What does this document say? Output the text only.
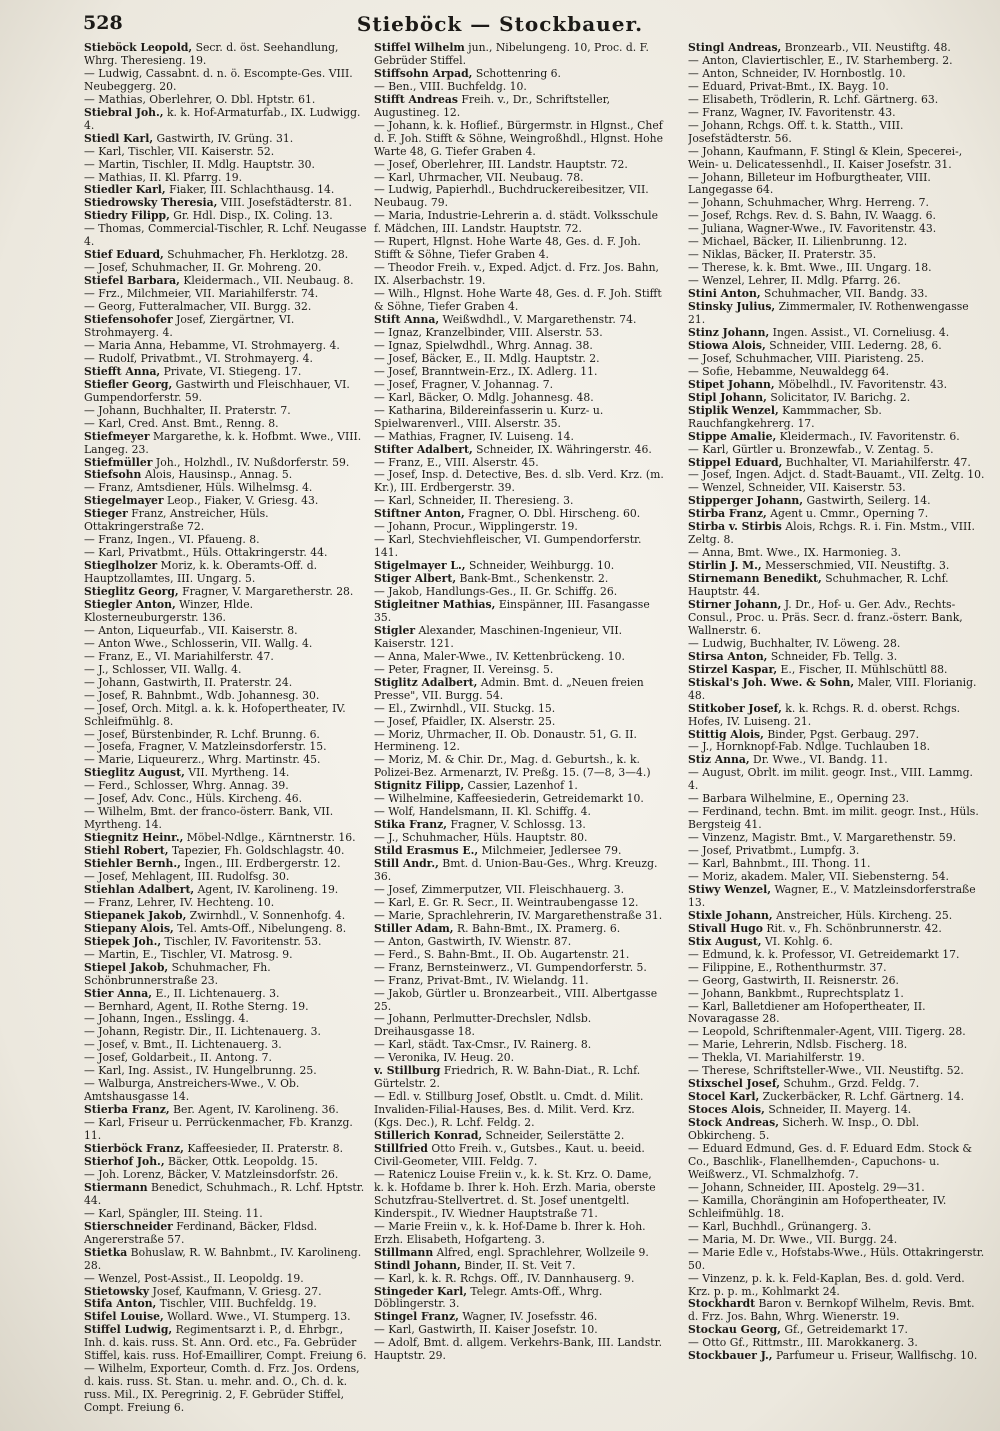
528	Stieböck — Stockbauer.
Stieböck Leopold, Secr. d. öst. Seehandlung, Whrg. Theresieng. 19.
— Ludwig, Cassabnt. d. n. ö. Escompte-Ges. VIII. Neubeggerg. 20.
— Mathias, Oberlehrer, O. Dbl. Hptstr. 61.
Stiebral Joh., k. k. Hof-Armaturfab., IX. Ludwigg. 4.
Stiedl Karl, Gastwirth, IV. Grüng. 31.
— Karl, Tischler, VII. Kaiserstr. 52.
— Martin, Tischler, II. Mdlg. Hauptstr. 30.
— Mathias, II. Kl. Pfarrg. 19.
Stiedler Karl, Fiaker, III. Schlachthausg. 14.
Stiedrowsky Theresia, VIII. Josefstädterstr. 81.
Stiedry Filipp, Gr. Hdl. Disp., IX. Coling. 13.
— Thomas, Commercial-Tischler, R. Lchf. Neugasse 4.
Stief Eduard, Schuhmacher, Fh. Herklotzg. 28.
— Josef, Schuhmacher, II. Gr. Mohreng. 20.
Stiefel Barbara, Kleidermach., VII. Neubaug. 8.
— Frz., Milchmeier, VII. Mariahilferstr. 74.
— Georg, Futteralmacher, VII. Burgg. 32.
Stiefensohofer Josef, Ziergärtner, VI. Strohmayerg. 4.
— Maria Anna, Hebamme, VI. Strohmayerg. 4.
— Rudolf, Privatbmt., VI. Strohmayerg. 4.
Stiefft Anna, Private, VI. Stiegeng. 17.
Stiefler Georg, Gastwirth und Fleischhauer, VI. Gumpendorferstr. 59.
— Johann, Buchhalter, II. Praterstr. 7.
— Karl, Cred. Anst. Bmt., Renng. 8.
Stiefmeyer Margarethe, k. k. Hofbmt. Wwe., VIII. Langeg. 23.
Stiefmüller Joh., Holzhdl., IV. Nußdorferstr. 59.
Stiefsohn Alois, Hausinsp., Annag. 5.
— Franz, Amtsdiener, Hüls. Wilhelmsg. 4.
Stiegelmayer Leop., Fiaker, V. Griesg. 43.
Stieger Franz, Anstreicher, Hüls. Ottakringerstraße 72.
— Franz, Ingen., VI. Pfaueng. 8.
— Karl, Privatbmt., Hüls. Ottakringerstr. 44.
Stieglholzer Moriz, k. k. Oberamts-Off. d. Hauptzollamtes, III. Ungarg. 5.
Stieglitz Georg, Fragner, V. Margaretherstr. 28.
Stiegler Anton, Winzer, Hlde. Klosterneuburgerstr. 136.
— Anton, Liqueurfab., VII. Kaiserstr. 8.
— Anton Wwe., Schlosserin, VII. Wallg. 4.
— Franz, E., VI. Mariahilferstr. 47.
— J., Schlosser, VII. Wallg. 4.
— Johann, Gastwirth, II. Praterstr. 24.
— Josef, R. Bahnbmt., Wdb. Johannesg. 30.
— Josef, Orch. Mitgl. a. k. k. Hofopertheater, IV. Schleifmühlg. 8.
— Josef, Bürstenbinder, R. Lchf. Brunng. 6.
— Josefa, Fragner, V. Matzleinsdorferstr. 15.
— Marie, Liqueurerz., Whrg. Martinstr. 45.
Stieglitz August, VII. Myrtheng. 14.
— Ferd., Schlosser, Whrg. Annag. 39.
— Josef, Adv. Conc., Hüls. Kircheng. 46.
— Wilhelm, Bmt. der franco-österr. Bank, VII. Myrtheng. 14.
Stiegnitz Heinr., Möbel-Ndlge., Kärntnerstr. 16.
Stiehl Robert, Tapezier, Fh. Goldschlagstr. 40.
Stiehler Bernh., Ingen., III. Erdbergerstr. 12.
— Josef, Mehlagent, III. Rudolfsg. 30.
Stiehlan Adalbert, Agent, IV. Karolineng. 19.
— Franz, Lehrer, IV. Hechteng. 10.
Stiepanek Jakob, Zwirnhdl., V. Sonnenhofg. 4.
Stiepany Alois, Tel. Amts-Off., Nibelungeng. 8.
Stiepek Joh., Tischler, IV. Favoritenstr. 53.
— Martin, E., Tischler, VI. Matrosg. 9.
Stiepel Jakob, Schuhmacher, Fh. Schönbrunnerstraße 23.
Stier Anna, E., II. Lichtenauerg. 3.
— Bernhard, Agent, II. Rothe Sterng. 19.
— Johann, Ingen., Esslingg. 4.
— Johann, Registr. Dir., II. Lichtenauerg. 3.
— Josef, v. Bmt., II. Lichtenauerg. 3.
— Josef, Goldarbeit., II. Antong. 7.
— Karl, Ing. Assist., IV. Hungelbrunng. 25.
— Walburga, Anstreichers-Wwe., V. Ob. Amtshausgasse 14.
Stierba Franz, Ber. Agent, IV. Karolineng. 36.
— Karl, Friseur u. Perrückenmacher, Fb. Kranzg. 11.
Stierböck Franz, Kaffeesieder, II. Praterstr. 8.
Stierhof Joh., Bäcker, Ottk. Leopoldg. 15.
— Joh. Lorenz, Bäcker, V. Matzleinsdorfstr. 26.
Stiermann Benedict, Schuhmach., R. Lchf. Hptstr. 44.
— Karl, Spängler, III. Steing. 11.
Stierschneider Ferdinand, Bäcker, Fldsd. Angererstraße 57.
Stietka Bohuslaw, R. W. Bahnbmt., IV. Karolineng. 28.
— Wenzel, Post-Assist., II. Leopoldg. 19.
Stietowsky Josef, Kaufmann, V. Griesg. 27.
Stifa Anton, Tischler, VIII. Buchfeldg. 19.
Stifel Louise, Wollard. Wwe., VI. Stumperg. 13.
Stiffel Ludwig, Regimentsarzt i. P., d. Ehrbgr., Inh. d. kais. russ. St. Ann. Ord. etc., Fa. Gebrüder Stiffel, kais. russ. Hof-Emaillirer, Compt. Freiung 6.
— Wilhelm, Exporteur, Comth. d. Frz. Jos. Ordens, d. kais. russ. St. Stan. u. mehr. and. O., Ch. d. k. russ. Mil., IX. Peregrinig. 2, F. Gebrüder Stiffel, Compt. Freiung 6.
Stiffel Wilhelm jun., Nibelungeng. 10, Proc. d. F. Gebrüder Stiffel.
Stiffsohn Arpad, Schottenring 6.
— Ben., VIII. Buchfeldg. 10.
Stifft Andreas Freih. v., Dr., Schriftsteller, Augustineg. 12.
— Johann, k. k. Hoflief., Bürgermstr. in Hlgnst., Chef d. F. Joh. Stifft & Söhne, Weingroßhdl., Hlgnst. Hohe Warte 48, G. Tiefer Graben 4.
— Josef, Oberlehrer, III. Landstr. Hauptstr. 72.
— Karl, Uhrmacher, VII. Neubaug. 78.
— Ludwig, Papierhdl., Buchdruckereibesitzer, VII. Neubaug. 79.
— Maria, Industrie-Lehrerin a. d. städt. Volksschule f. Mädchen, III. Landstr. Hauptstr. 72.
— Rupert, Hlgnst. Hohe Warte 48, Ges. d. F. Joh. Stifft & Söhne, Tiefer Graben 4.
— Theodor Freih. v., Exped. Adjct. d. Frz. Jos. Bahn, IX. Alserbachstr. 19.
— Wilh., Hlgnst. Hohe Warte 48, Ges. d. F. Joh. Stifft & Söhne, Tiefer Graben 4.
Stift Anna, Weißwdhdl., V. Margarethenstr. 74.
— Ignaz, Kranzelbinder, VIII. Alserstr. 53.
— Ignaz, Spielwdhdl., Whrg. Annag. 38.
— Josef, Bäcker, E., II. Mdlg. Hauptstr. 2.
— Josef, Branntwein-Erz., IX. Adlerg. 11.
— Josef, Fragner, V. Johannag. 7.
— Karl, Bäcker, O. Mdlg. Johannesg. 48.
— Katharina, Bildereinfasserin u. Kurz- u. Spielwarenverl., VIII. Alserstr. 35.
— Mathias, Fragner, IV. Luiseng. 14.
Stifter Adalbert, Schneider, IX. Währingerstr. 46.
— Franz, E., VIII. Alserstr. 45.
— Josef, Insp. d. Detective, Bes. d. slb. Verd. Krz. (m. Kr.), III. Erdbergerstr. 39.
— Karl, Schneider, II. Theresieng. 3.
Stiftner Anton, Fragner, O. Dbl. Hirscheng. 60.
— Johann, Procur., Wipplingerstr. 19.
— Karl, Stechviehfleischer, VI. Gumpendorferstr. 141.
Stigelmayer L., Schneider, Weihburgg. 10.
Stiger Albert, Bank-Bmt., Schenkenstr. 2.
— Jakob, Handlungs-Ges., II. Gr. Schiffg. 26.
Stigleitner Mathias, Einspänner, III. Fasangasse 35.
Stigler Alexander, Maschinen-Ingenieur, VII. Kaiserstr. 121.
— Anna, Maler-Wwe., IV. Kettenbrückeng. 10.
— Peter, Fragner, II. Vereinsg. 5.
Stiglitz Adalbert, Admin. Bmt. d. „Neuen freien Presse", VII. Burgg. 54.
— El., Zwirnhdl., VII. Stuckg. 15.
— Josef, Pfaidler, IX. Alserstr. 25.
— Moriz, Uhrmacher, II. Ob. Donaustr. 51, G. II. Hermineng. 12.
— Moriz, M. & Chir. Dr., Mag. d. Geburtsh., k. k. Polizei-Bez. Armenarzt, IV. Preßg. 15. (7—8, 3—4.)
Stignitz Filipp, Cassier, Lazenhof 1.
— Wilhelmine, Kaffeesiederin, Getreidemarkt 10.
— Wolf, Handelsmann, II. Kl. Schiffg. 4.
Stika Franz, Fragner, V. Schlossg. 13.
— J., Schuhmacher, Hüls. Hauptstr. 80.
Stild Erasmus E., Milchmeier, Jedlersee 79.
Still Andr., Bmt. d. Union-Bau-Ges., Whrg. Kreuzg. 36.
— Josef, Zimmerputzer, VII. Fleischhauerg. 3.
— Karl, E. Gr. R. Secr., II. Weintraubengasse 12.
— Marie, Sprachlehrerin, IV. Margarethenstraße 31.
Stiller Adam, R. Bahn-Bmt., IX. Pramerg. 6.
— Anton, Gastwirth, IV. Wienstr. 87.
— Ferd., S. Bahn-Bmt., II. Ob. Augartenstr. 21.
— Franz, Bernsteinwerz., VI. Gumpendorferstr. 5.
— Franz, Privat-Bmt., IV. Wielandg. 11.
— Jakob, Gürtler u. Bronzearbeit., VIII. Albertgasse 25.
— Johann, Perlmutter-Drechsler, Ndlsb. Dreihausgasse 18.
— Karl, städt. Tax-Cmsr., IV. Rainerg. 8.
— Veronika, IV. Heug. 20.
v. Stillburg Friedrich, R. W. Bahn-Diat., R. Lchf. Gürtelstr. 2.
— Edl. v. Stillburg Josef, Obstlt. u. Cmdt. d. Milit. Invaliden-Filial-Hauses, Bes. d. Milit. Verd. Krz. (Kgs. Dec.), R. Lchf. Feldg. 2.
Stillerich Konrad, Schneider, Seilerstätte 2.
Stillfried Otto Freih. v., Gutsbes., Kaut. u. beeid. Civil-Geometer, VIII. Feldg. 7.
— Ratenicz Louise Freiin v., k. k. St. Krz. O. Dame, k. k. Hofdame b. Ihrer k. Hoh. Erzh. Maria, oberste Schutzfrau-Stellvertret. d. St. Josef unentgeltl. Kinderspit., IV. Wiedner Hauptstraße 71.
— Marie Freiin v., k. k. Hof-Dame b. Ihrer k. Hoh. Erzh. Elisabeth, Hofgarteng. 3.
Stillmann Alfred, engl. Sprachlehrer, Wollzeile 9.
Stindl Johann, Binder, II. St. Veit 7.
— Karl, k. k. R. Rchgs. Off., IV. Dannhauserg. 9.
Stingeder Karl, Telegr. Amts-Off., Whrg. Döblingerstr. 3.
Stingel Franz, Wagner, IV. Josefsstr. 46.
— Karl, Gastwirth, II. Kaiser Josefstr. 10.
— Adolf, Bmt. d. allgem. Verkehrs-Bank, III. Landstr. Hauptstr. 29.
Stingl Andreas, Bronzearb., VII. Neustiftg. 48.
— Anton, Claviertischler, E., IV. Starhemberg. 2.
— Anton, Schneider, IV. Hornbostlg. 10.
— Eduard, Privat-Bmt., IX. Bayg. 10.
— Elisabeth, Trödlerin, R. Lchf. Gärtnerg. 63.
— Franz, Wagner, IV. Favoritenstr. 43.
— Johann, Rchgs. Off. t. k. Statth., VIII. Josefstädterstr. 56.
— Johann, Kaufmann, F. Stingl & Klein, Specerei-, Wein- u. Delicatessenhdl., II. Kaiser Josefstr. 31.
— Johann, Billeteur im Hofburgtheater, VIII. Langegasse 64.
— Johann, Schuhmacher, Whrg. Herreng. 7.
— Josef, Rchgs. Rev. d. S. Bahn, IV. Waagg. 6.
— Juliana, Wagner-Wwe., IV. Favoritenstr. 43.
— Michael, Bäcker, II. Lilienbrunng. 12.
— Niklas, Bäcker, II. Praterstr. 35.
— Therese, k. k. Bmt. Wwe., III. Ungarg. 18.
— Wenzel, Lehrer, II. Mdlg. Pfarrg. 26.
Stini Anton, Schuhmacher, VII. Bandg. 33.
Stinsky Julius, Zimmermaler, IV. Rothenwengasse 21.
Stinz Johann, Ingen. Assist., VI. Corneliusg. 4.
Stiowa Alois, Schneider, VIII. Lederng. 28, 6.
— Josef, Schuhmacher, VIII. Piaristeng. 25.
— Sofie, Hebamme, Neuwaldegg 64.
Stipet Johann, Möbelhdl., IV. Favoritenstr. 43.
Stipl Johann, Solicitator, IV. Barichg. 2.
Stiplik Wenzel, Kammmacher, Sb. Rauchfangkehrerg. 17.
Stippe Amalie, Kleidermach., IV. Favoritenstr. 6.
— Karl, Gürtler u. Bronzewfab., V. Zentag. 5.
Stippel Eduard, Buchhalter, VI. Mariahilferstr. 47.
— Josef, Ingen. Adjct. d. Stadt-Bauamt., VII. Zeltg. 10.
— Wenzel, Schneider, VII. Kaiserstr. 53.
Stipperger Johann, Gastwirth, Seilerg. 14.
Stirba Franz, Agent u. Cmmr., Operning 7.
Stirba v. Stirbis Alois, Rchgs. R. i. Fin. Mstm., VIII. Zeltg. 8.
— Anna, Bmt. Wwe., IX. Harmonieg. 3.
Stirlin J. M., Messerschmied, VII. Neustiftg. 3.
Stirnemann Benedikt, Schuhmacher, R. Lchf. Hauptstr. 44.
Stirner Johann, J. Dr., Hof- u. Ger. Adv., Rechts-Consul., Proc. u. Präs. Secr. d. franz.-österr. Bank, Wallnerstr. 6.
— Ludwig, Buchhalter, IV. Löweng. 28.
Stirsa Anton, Schneider, Fb. Tellg. 3.
Stirzel Kaspar, E., Fischer, II. Mühlschüttl 88.
Stiskal's Joh. Wwe. & Sohn, Maler, VIII. Florianig. 48.
Stitkober Josef, k. k. Rchgs. R. d. oberst. Rchgs. Hofes, IV. Luiseng. 21.
Stittig Alois, Binder, Pgst. Gerbaug. 297.
— J., Hornknopf-Fab. Ndlge. Tuchlauben 18.
Stiz Anna, Dr. Wwe., VI. Bandg. 11.
— August, Obrlt. im milit. geogr. Inst., VIII. Lammg. 4.
— Barbara Wilhelmine, E., Operning 23.
— Ferdinand, techn. Bmt. im milit. geogr. Inst., Hüls. Bergsteig 41.
— Vinzenz, Magistr. Bmt., V. Margarethenstr. 59.
— Josef, Privatbmt., Lumpfg. 3.
— Karl, Bahnbmt., III. Thong. 11.
— Moriz, akadem. Maler, VII. Siebensterng. 54.
Stiwy Wenzel, Wagner, E., V. Matzleinsdorferstraße 13.
Stixle Johann, Anstreicher, Hüls. Kircheng. 25.
Stivall Hugo Rit. v., Fh. Schönbrunnerstr. 42.
Stix August, VI. Kohlg. 6.
— Edmund, k. k. Professor, VI. Getreidemarkt 17.
— Filippine, E., Rothenthurmstr. 37.
— Georg, Gastwirth, II. Reisnerstr. 26.
— Johann, Bankbmt., Ruprechtsplatz 1.
— Karl, Balletdiener am Hofopertheater, II. Novaragasse 28.
— Leopold, Schriftenmaler-Agent, VIII. Tigerg. 28.
— Marie, Lehrerin, Ndlsb. Fischerg. 18.
— Thekla, VI. Mariahilferstr. 19.
— Therese, Schriftsteller-Wwe., VII. Neustiftg. 52.
Stixschel Josef, Schuhm., Grzd. Feldg. 7.
Stocel Karl, Zuckerbäcker, R. Lchf. Gärtnerg. 14.
Stoces Alois, Schneider, II. Mayerg. 14.
Stock Andreas, Sicherh. W. Insp., O. Dbl. Obkircheng. 5.
— Eduard Edmund, Ges. d. F. Eduard Edm. Stock & Co., Baschlik-, Flanellhemden-, Capuchons- u. Weißwerz., VI. Schmalzhofg. 7.
— Johann, Schneider, III. Apostelg. 29—31.
— Kamilla, Choränginin am Hofopertheater, IV. Schleifmühlg. 18.
— Karl, Buchhdl., Grünangerg. 3.
— Maria, M. Dr. Wwe., VII. Burgg. 24.
— Marie Edle v., Hofstabs-Wwe., Hüls. Ottakringerstr. 50.
— Vinzenz, p. k. k. Feld-Kaplan, Bes. d. gold. Verd. Krz. p. p. m., Kohlmarkt 24.
Stockhardt Baron v. Bernkopf Wilhelm, Revis. Bmt. d. Frz. Jos. Bahn, Whrg. Wienerstr. 19.
Stockau Georg, Gf., Getreidemarkt 17.
— Otto Gf., Rittmstr., III. Marokkanerg. 3.
Stockbauer J., Parfumeur u. Friseur, Wallfischg. 10.
